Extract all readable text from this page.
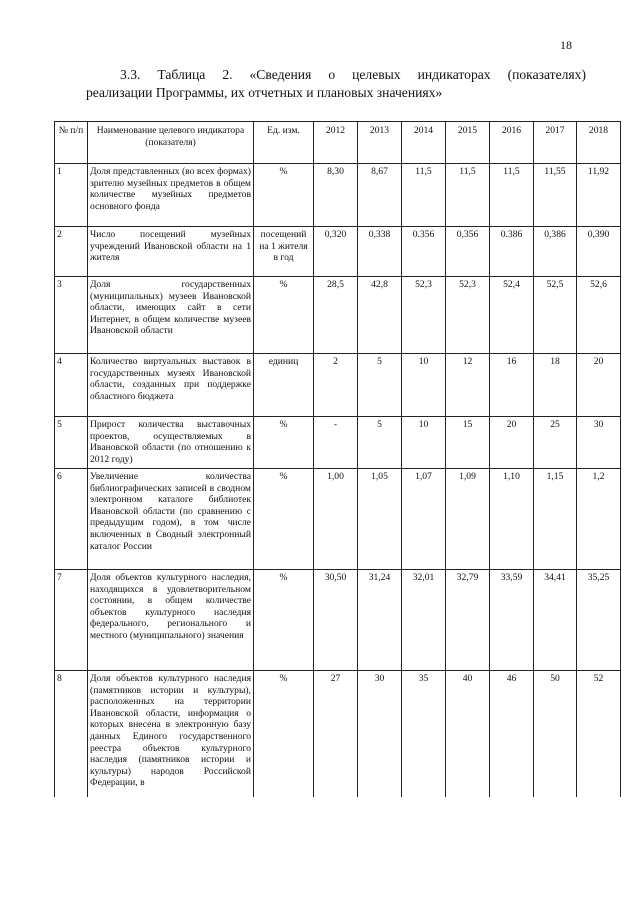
18
3.3. Таблица 2. «Сведения о целевых индикаторах (показателях)
реализации Программы, их отчетных и плановых значениях»
№ п/п	Наименование целевого индикатора (показателя)	Ед. изм.	2012	2013	2014	2015	2016	2017	2018
1	Доля представленных (во всех формах) зрителю музейных предметов в общем количестве музейных предметов основного фонда	%	8,30	8,67	11,5	11,5	11,5	11,55	11,92
2	Число посещений музейных учреждений Ивановской области на 1 жителя	посещений на 1 жителя в год	0,320	0,338	0.356	0,356	0.386	0,386	0,390
3	Доля государственных (муниципальных) музеев Ивановской области, имеющих сайт в сети Интернет, в общем количестве музеев Ивановской области	%	28,5	42,8	52,3	52,3	52,4	52,5	52,6
4	Количество виртуальных выставок в государственных музеях Ивановской области, созданных при поддержке областного бюджета	единиц	2	5	10	12	16	18	20
5	Прирост количества выставочных проектов, осуществляемых в Ивановской области (по отношению к 2012 году)	%	-	5	10	15	20	25	30
6	Увеличение количества библиографических записей в сводном электронном каталоге библиотек Ивановской области (по сравнению с предыдущим годом), в том числе включенных в Сводный электронный каталог России	%	1,00	1,05	1,07	1,09	1,10	1,15	1,2
7	Доля объектов культурного наследия, находящихся в удовлетворительном состоянии, в общем количестве объектов культурного наследия федерального, регионального и местного (муниципального) значения	%	30,50	31,24	32,01	32,79	33,59	34,41	35,25
8	Доля объектов культурного наследия (памятников истории и культуры), расположенных на территории Ивановской области, информация о которых внесена в электронную базу данных Единого государственного реестра объектов культурного наследия (памятников истории и культуры) народов Российской Федерации, в	%	27	30	35	40	46	50	52
